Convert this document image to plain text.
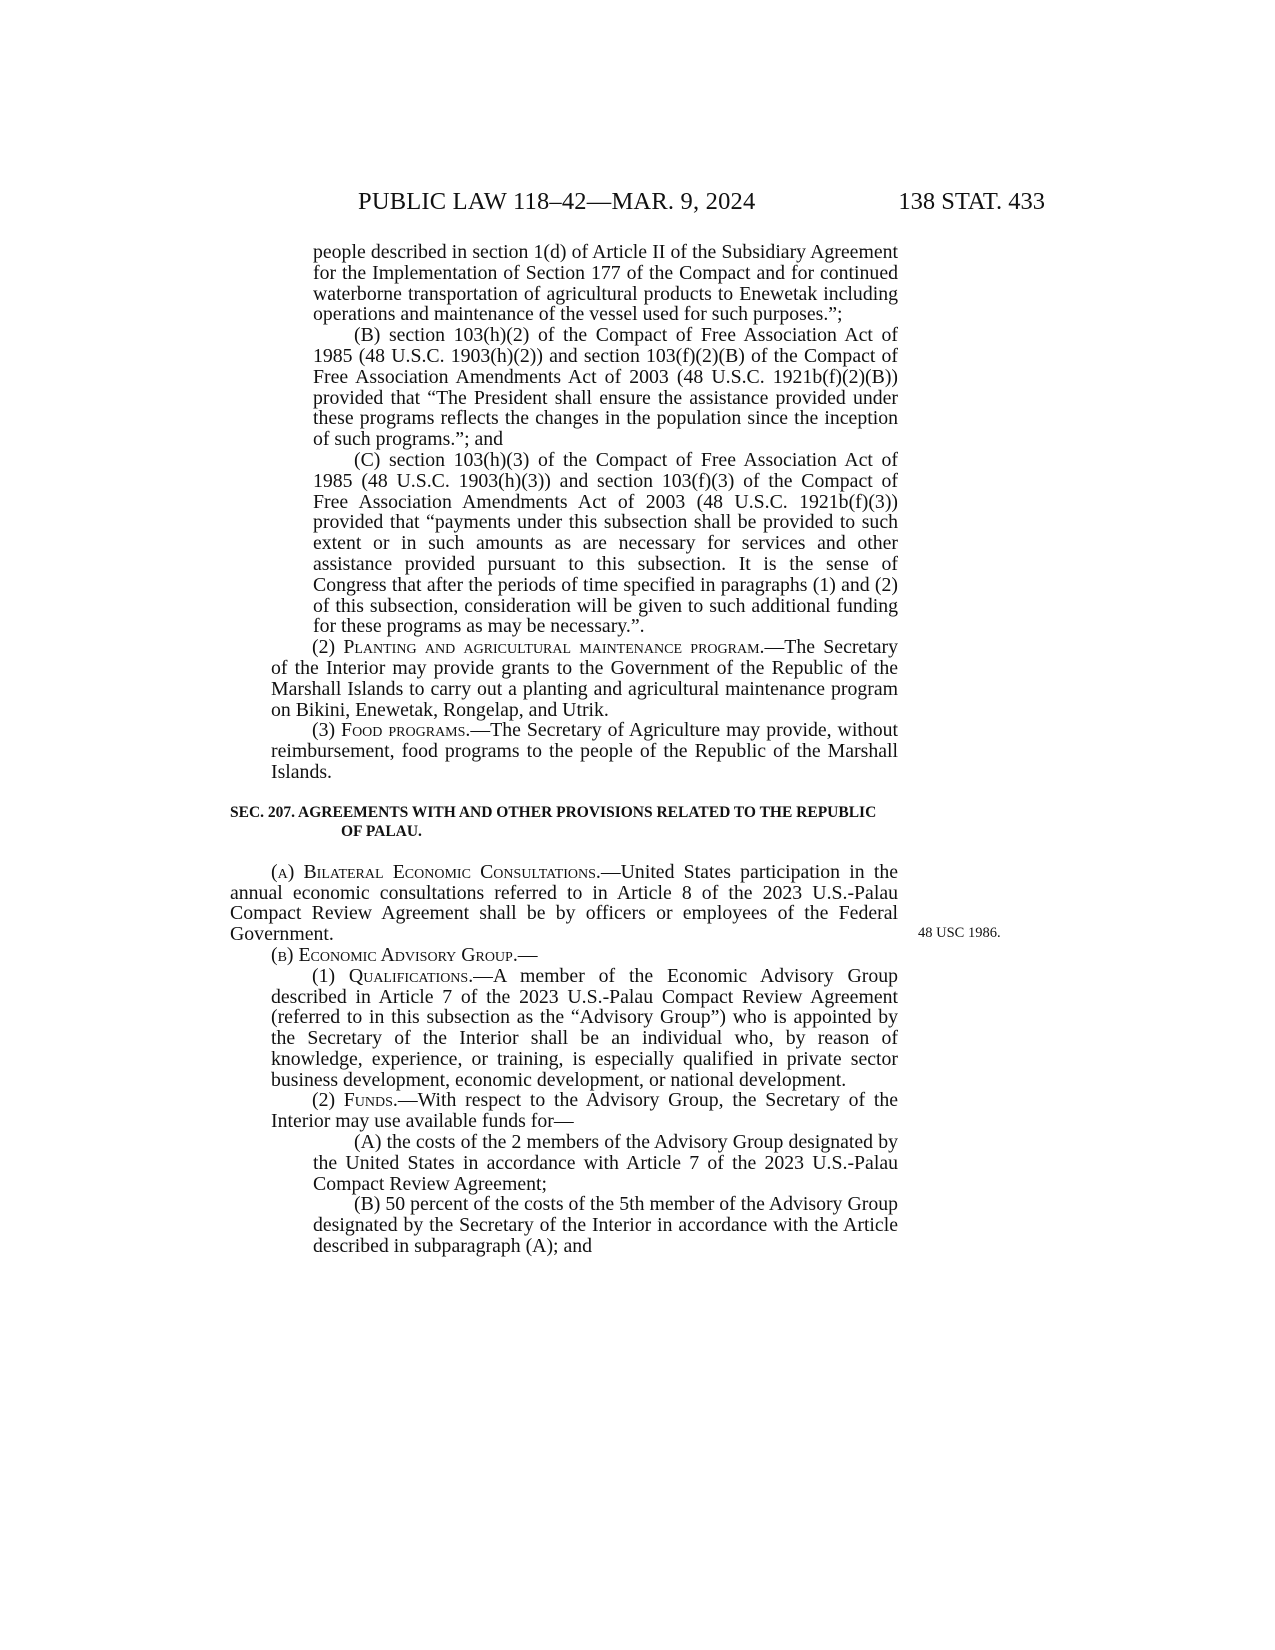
PUBLIC LAW 118–42—MAR. 9, 2024	138 STAT. 433

people described in section 1(d) of Article II of the Subsidiary Agreement for the Implementation of Section 177 of the Compact and for continued waterborne transportation of agricultural products to Enewetak including operations and maintenance of the vessel used for such purposes.”;

(B) section 103(h)(2) of the Compact of Free Association Act of 1985 (48 U.S.C. 1903(h)(2)) and section 103(f)(2)(B) of the Compact of Free Association Amendments Act of 2003 (48 U.S.C. 1921b(f)(2)(B)) provided that “The President shall ensure the assistance provided under these programs reflects the changes in the population since the inception of such programs.”; and

(C) section 103(h)(3) of the Compact of Free Association Act of 1985 (48 U.S.C. 1903(h)(3)) and section 103(f)(3) of the Compact of Free Association Amendments Act of 2003 (48 U.S.C. 1921b(f)(3)) provided that “payments under this subsection shall be provided to such extent or in such amounts as are necessary for services and other assistance provided pursuant to this subsection. It is the sense of Congress that after the periods of time specified in paragraphs (1) and (2) of this subsection, consideration will be given to such additional funding for these programs as may be necessary.”.

(2) Planting and agricultural maintenance program.—The Secretary of the Interior may provide grants to the Government of the Republic of the Marshall Islands to carry out a planting and agricultural maintenance program on Bikini, Enewetak, Rongelap, and Utrik.

(3) Food programs.—The Secretary of Agriculture may provide, without reimbursement, food programs to the people of the Republic of the Marshall Islands.

SEC. 207. AGREEMENTS WITH AND OTHER PROVISIONS RELATED TO THE REPUBLIC OF PALAU.

(a) Bilateral Economic Consultations.—United States participation in the annual economic consultations referred to in Article 8 of the 2023 U.S.-Palau Compact Review Agreement shall be by officers or employees of the Federal Government.

(b) Economic Advisory Group.—

(1) Qualifications.—A member of the Economic Advisory Group described in Article 7 of the 2023 U.S.-Palau Compact Review Agreement (referred to in this subsection as the “Advisory Group”) who is appointed by the Secretary of the Interior shall be an individual who, by reason of knowledge, experience, or training, is especially qualified in private sector business development, economic development, or national development.

(2) Funds.—With respect to the Advisory Group, the Secretary of the Interior may use available funds for—

(A) the costs of the 2 members of the Advisory Group designated by the United States in accordance with Article 7 of the 2023 U.S.-Palau Compact Review Agreement;

(B) 50 percent of the costs of the 5th member of the Advisory Group designated by the Secretary of the Interior in accordance with the Article described in subparagraph (A); and

48 USC 1986.
